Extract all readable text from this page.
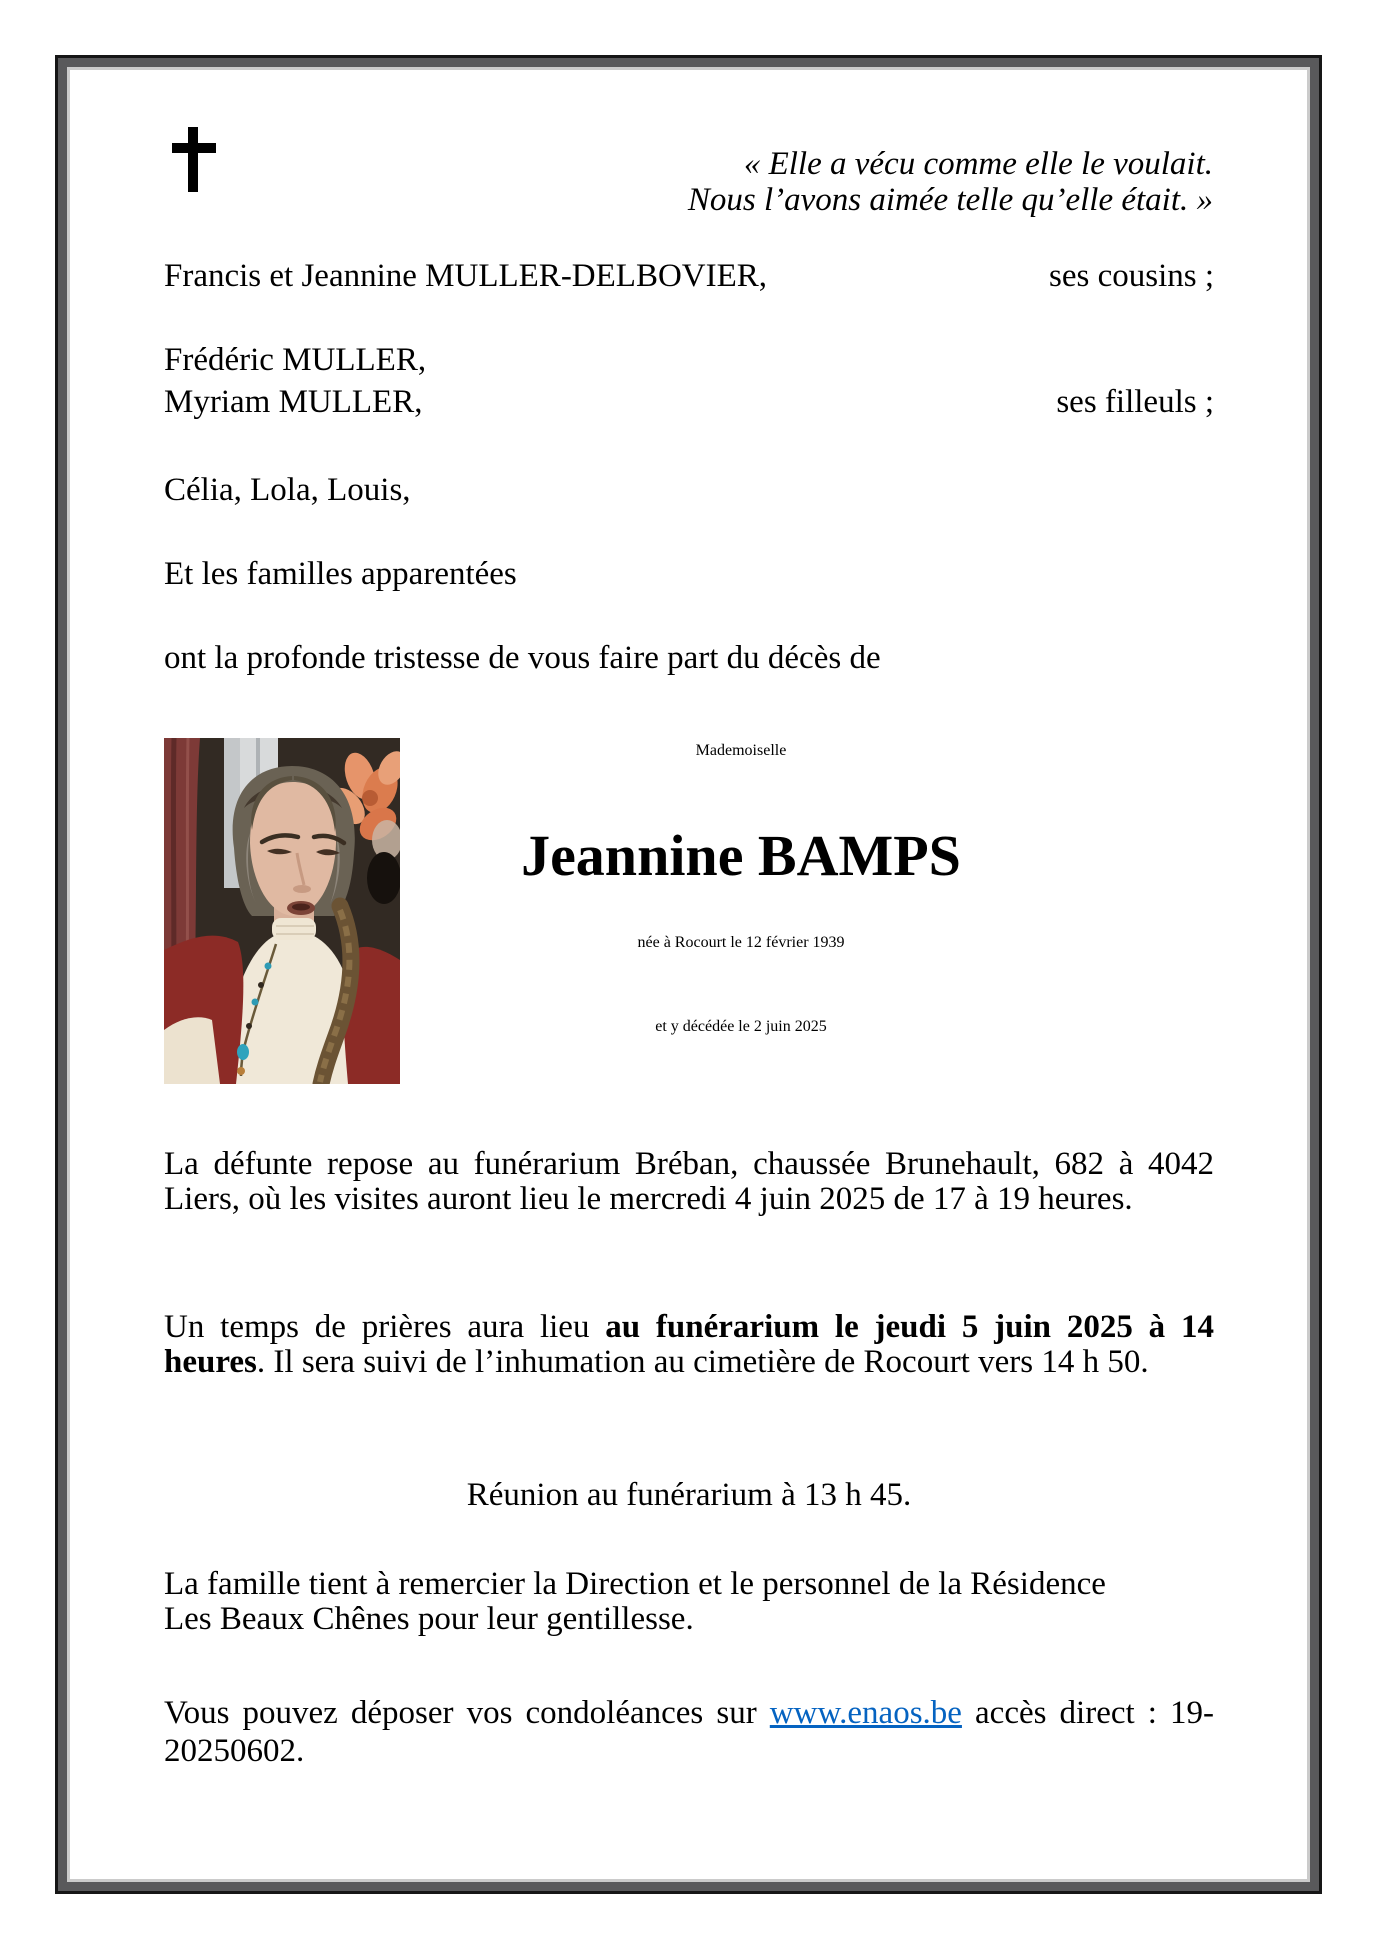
« Elle a vécu comme elle le voulait.
Nous l’avons aimée telle qu’elle était. »
Francis et Jeannine MULLER-DELBOVIER,	ses cousins ;
Frédéric MULLER,
Myriam MULLER,	ses filleuls ;
Célia, Lola, Louis,
Et les familles apparentées
ont la profonde tristesse de vous faire part du décès de
Mademoiselle
Jeannine BAMPS
née à Rocourt le 12 février 1939
et y décédée le 2 juin 2025

La défunte repose au funérarium Bréban, chaussée Brunehault, 682 à 4042 Liers, où les visites auront lieu le mercredi 4 juin 2025 de 17 à 19 heures.

Un temps de prières aura lieu au funérarium le jeudi 5 juin 2025 à 14 heures. Il sera suivi de l’inhumation au cimetière de Rocourt vers 14 h 50.

Réunion au funérarium à 13 h 45.

La famille tient à remercier la Direction et le personnel de la Résidence
Les Beaux Chênes pour leur gentillesse.

Vous pouvez déposer vos condoléances sur www.enaos.be accès direct : 19-20250602.
